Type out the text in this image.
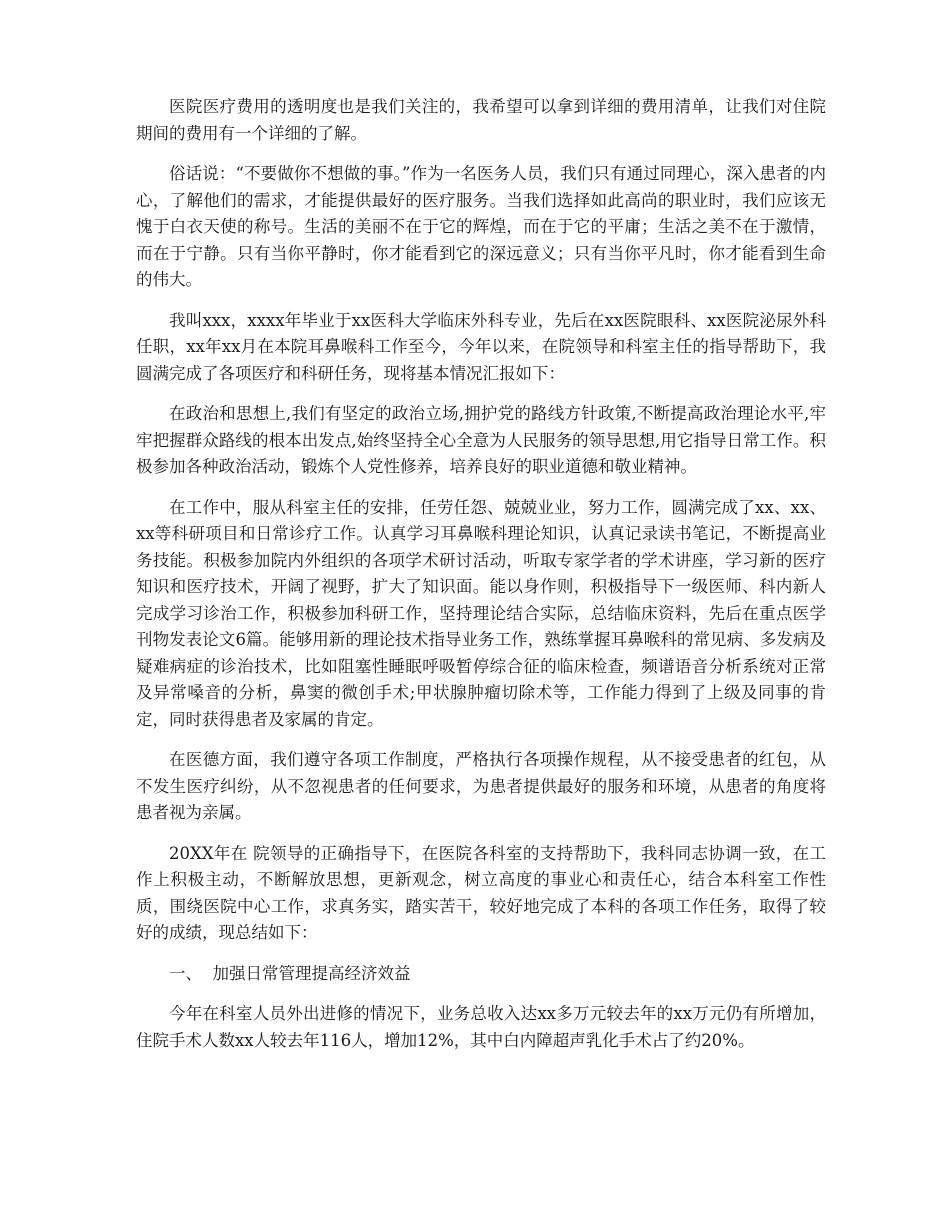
医院医疗费用的透明度也是我们关注的，我希望可以拿到详细的费用清单，让我们对住院期间的费用有一个详细的了解。

俗话说：“不要做你不想做的事。”作为一名医务人员，我们只有通过同理心，深入患者的内心，了解他们的需求，才能提供最好的医疗服务。当我们选择如此高尚的职业时，我们应该无愧于白衣天使的称号。生活的美丽不在于它的辉煌，而在于它的平庸；生活之美不在于激情，而在于宁静。只有当你平静时，你才能看到它的深远意义；只有当你平凡时，你才能看到生命的伟大。

我叫xxx，xxxx年毕业于xx医科大学临床外科专业，先后在xx医院眼科、xx医院泌尿外科任职，xx年xx月在本院耳鼻喉科工作至今，今年以来，在院领导和科室主任的指导帮助下，我圆满完成了各项医疗和科研任务，现将基本情况汇报如下：

在政治和思想上,我们有坚定的政治立场,拥护党的路线方针政策,不断提高政治理论水平,牢牢把握群众路线的根本出发点,始终坚持全心全意为人民服务的领导思想,用它指导日常工作。积极参加各种政治活动，锻炼个人党性修养，培养良好的职业道德和敬业精神。

在工作中，服从科室主任的安排，任劳任怨、兢兢业业，努力工作，圆满完成了xx、xx、xx等科研项目和日常诊疗工作。认真学习耳鼻喉科理论知识，认真记录读书笔记，不断提高业务技能。积极参加院内外组织的各项学术研讨活动，听取专家学者的学术讲座，学习新的医疗知识和医疗技术，开阔了视野，扩大了知识面。能以身作则，积极指导下一级医师、科内新人完成学习诊治工作，积极参加科研工作，坚持理论结合实际，总结临床资料，先后在重点医学刊物发表论文6篇。能够用新的理论技术指导业务工作，熟练掌握耳鼻喉科的常见病、多发病及疑难病症的诊治技术，比如阻塞性睡眠呼吸暂停综合征的临床检查，频谱语音分析系统对正常及异常嗓音的分析，鼻窦的微创手术;甲状腺肿瘤切除术等，工作能力得到了上级及同事的肯定，同时获得患者及家属的肯定。

在医德方面，我们遵守各项工作制度，严格执行各项操作规程，从不接受患者的红包，从不发生医疗纠纷，从不忽视患者的任何要求，为患者提供最好的服务和环境，从患者的角度将患者视为亲属。

20XX年在 院领导的正确指导下，在医院各科室的支持帮助下，我科同志协调一致，在工作上积极主动，不断解放思想，更新观念，树立高度的事业心和责任心，结合本科室工作性质，围绕医院中心工作，求真务实，踏实苦干，较好地完成了本科的各项工作任务，取得了较好的成绩，现总结如下：

一、  加强日常管理提高经济效益

今年在科室人员外出进修的情况下，业务总收入达xx多万元较去年的xx万元仍有所增加，住院手术人数xx人较去年116人，增加12%，其中白内障超声乳化手术占了约20%。
